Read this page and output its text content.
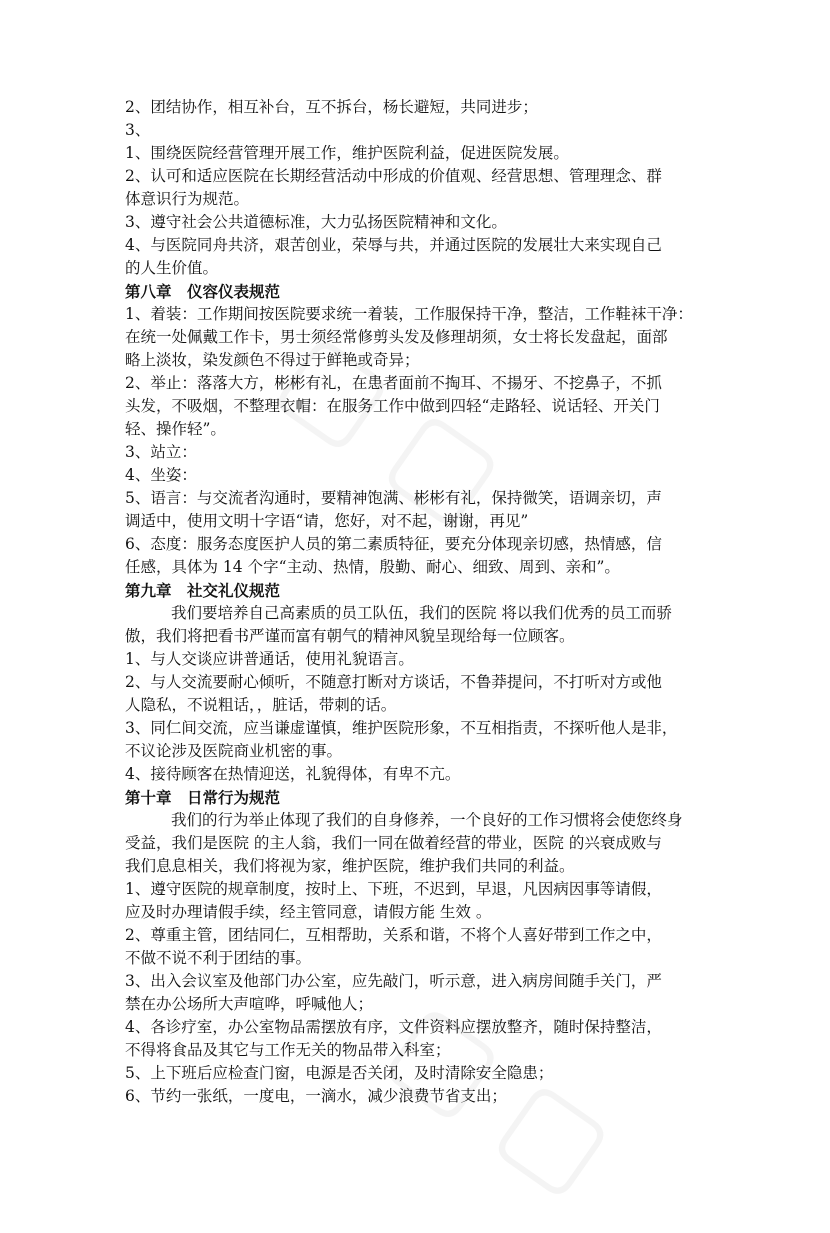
2、团结协作，相互补台，互不拆台，杨长避短，共同进步；
3、
1、围绕医院经营管理开展工作，维护医院利益，促进医院发展。
2、认可和适应医院在长期经营活动中形成的价值观、经营思想、管理理念、群
体意识行为规范。
3、遵守社会公共道德标准，大力弘扬医院精神和文化。
4、与医院同舟共济，艰苦创业，荣辱与共，并通过医院的发展壮大来实现自己
的人生价值。
第八章　仪容仪表规范
1、着装：工作期间按医院要求统一着装，工作服保持干净，整洁，工作鞋袜干净：
在统一处佩戴工作卡，男士须经常修剪头发及修理胡须，女士将长发盘起，面部
略上淡妆，染发颜色不得过于鲜艳或奇异；
2、举止：落落大方，彬彬有礼，在患者面前不掏耳、不揚牙、不挖鼻子，不抓
头发，不吸烟，不整理衣帽：在服务工作中做到四轻“走路轻、说话轻、开关门
轻、操作轻”。
3、站立：
4、坐姿：
5、语言：与交流者沟通时，要精神饱满、彬彬有礼，保持微笑，语调亲切，声
调适中，使用文明十字语“请，您好，对不起，谢谢，再见”
6、态度：服务态度医护人员的第二素质特征，要充分体现亲切感，热情感，信
任感，具体为 14 个字“主动、热情，殷勤、耐心、细致、周到、亲和”。
第九章　社交礼仪规范
我们要培养自己高素质的员工队伍，我们的医院 将以我们优秀的员工而骄
傲，我们将把看书严谨而富有朝气的精神风貌呈现给每一位顾客。
1、与人交谈应讲普通话，使用礼貌语言。
2、与人交流要耐心倾听，不随意打断对方谈话，不鲁莽提问，不打听对方或他
人隐私，不说粗话，，脏话，带刺的话。
3、同仁间交流，应当谦虚谨慎，维护医院形象，不互相指责，不探听他人是非，
不议论涉及医院商业机密的事。
4、接待顾客在热情迎送，礼貌得体，有卑不亢。
第十章　日常行为规范
我们的行为举止体现了我们的自身修养，一个良好的工作习惯将会使您终身
受益，我们是医院 的主人翁，我们一同在做着经营的带业，医院 的兴衰成败与
我们息息相关，我们将视为家，维护医院，维护我们共同的利益。
1、遵守医院的规章制度，按时上、下班，不迟到，早退，凡因病因事等请假，
应及时办理请假手续，经主管同意，请假方能 生效 。
2、尊重主管，团结同仁，互相帮助，关系和谐，不将个人喜好带到工作之中，
不做不说不利于团结的事。
3、出入会议室及他部门办公室，应先敲门，听示意，进入病房间随手关门，严
禁在办公场所大声喧哗，呼喊他人；
4、各诊疗室，办公室物品需摆放有序，文件资料应摆放整齐，随时保持整洁，
不得将食品及其它与工作无关的物品带入科室；
5、上下班后应检查门窗，电源是否关闭，及时清除安全隐患；
6、节约一张纸，一度电，一滴水，减少浪费节省支出；
